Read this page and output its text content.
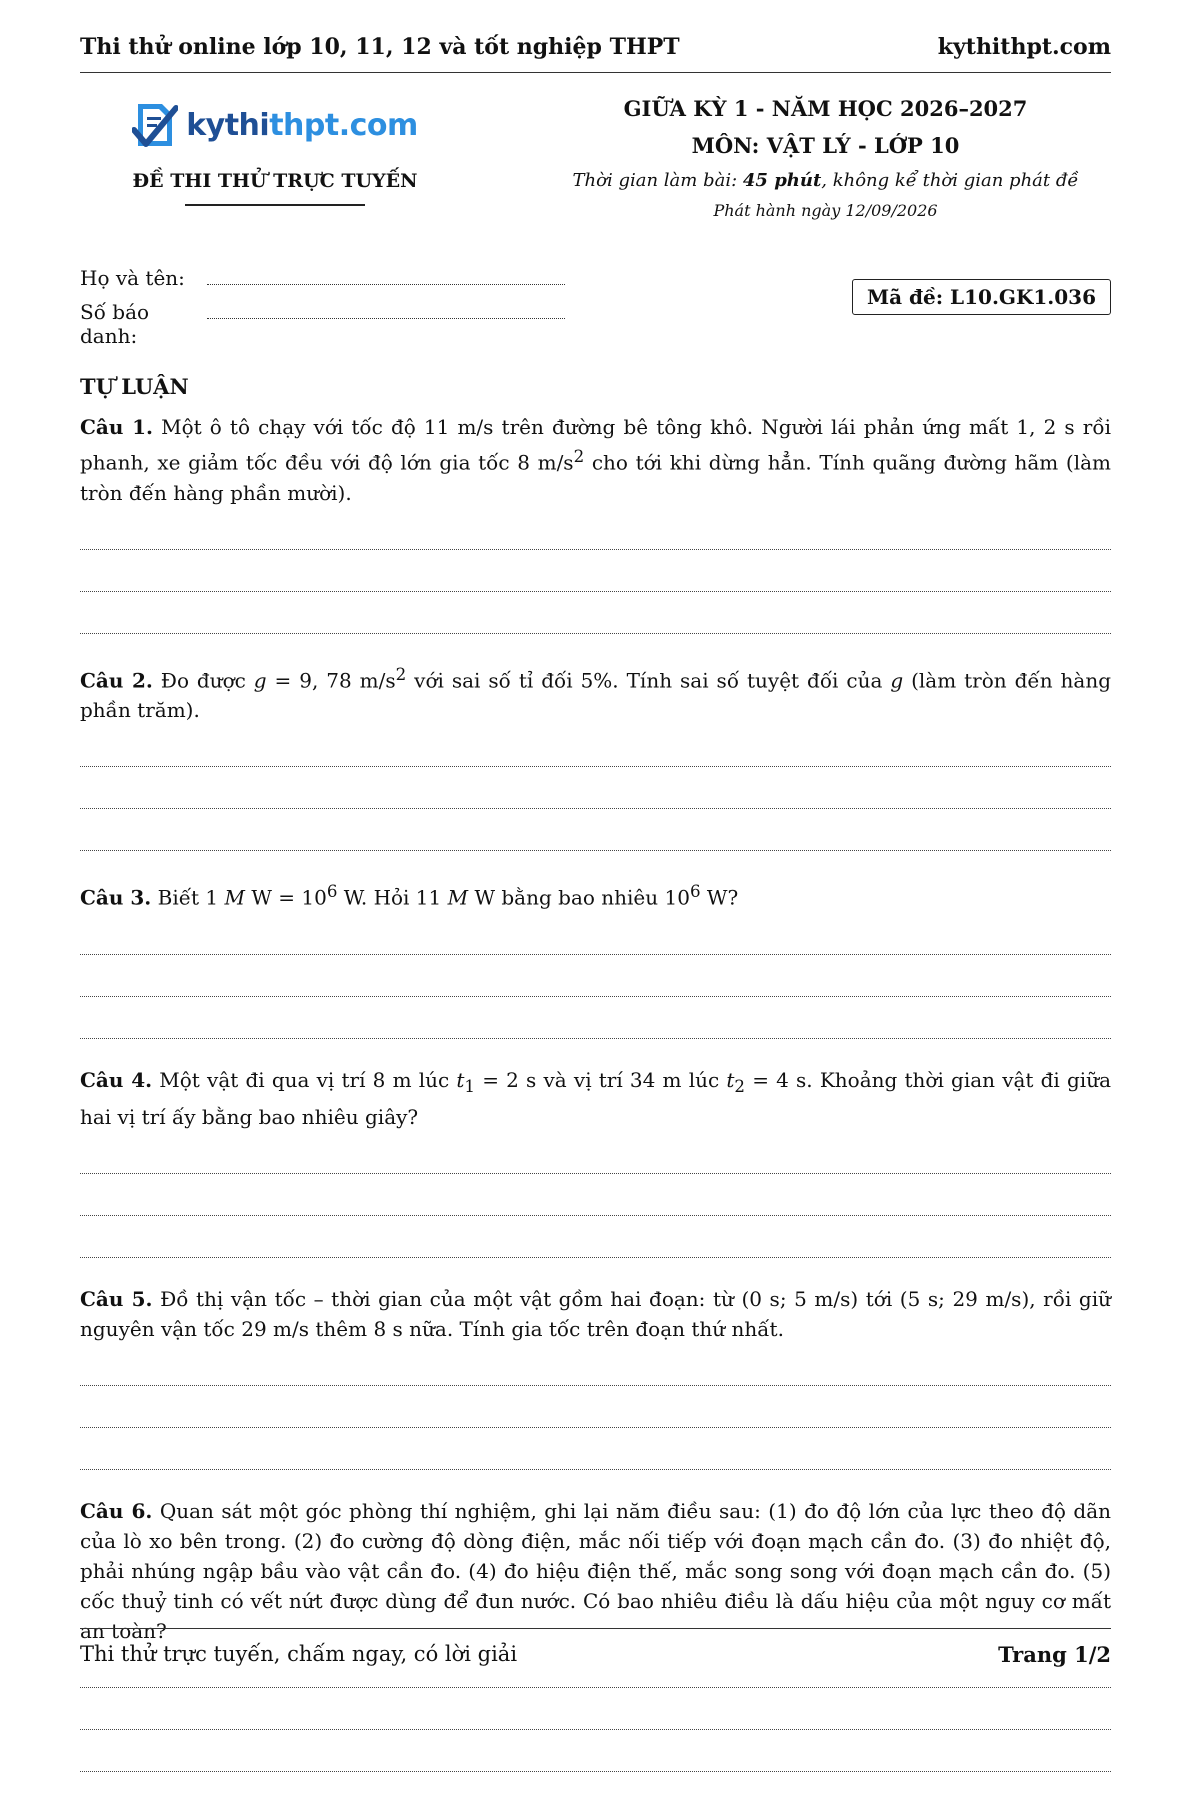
Thi thử online lớp 10, 11, 12 và tốt nghiệp THPT	kythithpt.com
kythithpt.com
ĐỀ THI THỬ TRỰC TUYẾN
GIỮA KỲ 1 - NĂM HỌC 2026–2027
MÔN: VẬT LÝ - LỚP 10
Thời gian làm bài: 45 phút, không kể thời gian phát đề
Phát hành ngày 12/09/2026
Họ và tên:
Số báo danh:
Mã đề: L10.GK1.036
TỰ LUẬN

Câu 1. Một ô tô chạy với tốc độ 11 m/s trên đường bê tông khô. Người lái phản ứng mất 1, 2 s rồi phanh, xe giảm tốc đều với độ lớn gia tốc 8 $m/s^2$ cho tới khi dừng hẳn. Tính quãng đường hãm (làm tròn đến hàng phần mười).

Câu 2. Đo được g = 9, 78 $m/s^2$ với sai số tỉ đối 5%. Tính sai số tuyệt đối của g (làm tròn đến hàng phần trăm).

Câu 3. Biết 1 M $W = 10^6$ W. Hỏi 11 M W bằng bao nhiêu $10^6$ W?

Câu 4. Một vật đi qua vị trí 8 m lúc $t_1 = 2$ s và vị trí 34 m lúc $t_2 = 4$ s. Khoảng thời gian vật đi giữa hai vị trí ấy bằng bao nhiêu giây?

Câu 5. Đồ thị vận tốc – thời gian của một vật gồm hai đoạn: từ (0 s; 5 m/s) tới (5 s; 29 m/s), rồi giữ nguyên vận tốc 29 m/s thêm 8 s nữa. Tính gia tốc trên đoạn thứ nhất.

Câu 6. Quan sát một góc phòng thí nghiệm, ghi lại năm điều sau: (1) đo độ lớn của lực theo độ dãn của lò xo bên trong. (2) đo cường độ dòng điện, mắc nối tiếp với đoạn mạch cần đo. (3) đo nhiệt độ, phải nhúng ngập bầu vào vật cần đo. (4) đo hiệu điện thế, mắc song song với đoạn mạch cần đo. (5) cốc thuỷ tinh có vết nứt được dùng để đun nước. Có bao nhiêu điều là dấu hiệu của một nguy cơ mất an toàn?

Thi thử trực tuyến, chấm ngay, có lời giải	Trang 1/2
